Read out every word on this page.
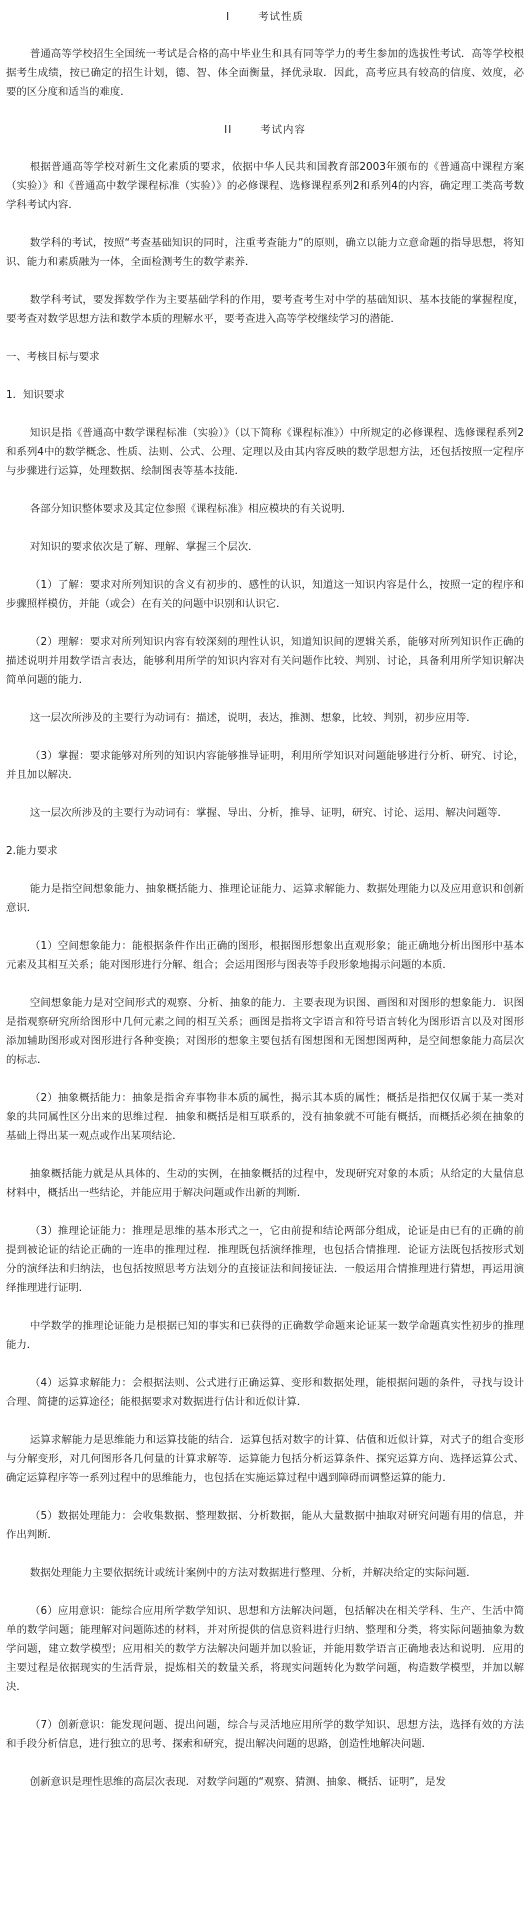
I	考试性质
普通高等学校招生全国统一考试是合格的高中毕业生和具有同等学力的考生参加的选拔性考试．高等学校根据考生成绩，按已确定的招生计划，德、智、体全面衡量，择优录取．因此，高考应具有较高的信度、效度，必要的区分度和适当的难度．
II	考试内容
根据普通高等学校对新生文化素质的要求，依据中华人民共和国教育部2003年颁布的《普通高中课程方案（实验）》和《普通高中数学课程标准（实验）》的必修课程、选修课程系列2和系列4的内容，确定理工类高考数学科考试内容．
数学科的考试，按照“考查基础知识的同时，注重考查能力”的原则，确立以能力立意命题的指导思想，将知识、能力和素质融为一体，全面检测考生的数学素养．
数学科考试，要发挥数学作为主要基础学科的作用，要考查考生对中学的基础知识、基本技能的掌握程度，要考查对数学思想方法和数学本质的理解水平，要考查进入高等学校继续学习的潜能．
一、考核目标与要求
1．知识要求
知识是指《普通高中数学课程标准（实验）》（以下简称《课程标准》）中所规定的必修课程、选修课程系列2和系列4中的数学概念、性质、法则、公式、公理、定理以及由其内容反映的数学思想方法，还包括按照一定程序与步骤进行运算，处理数据、绘制图表等基本技能．
各部分知识整体要求及其定位参照《课程标准》相应模块的有关说明．
对知识的要求依次是了解、理解、掌握三个层次．
（1）了解：要求对所列知识的含义有初步的、感性的认识，知道这一知识内容是什么，按照一定的程序和步骤照样模仿，并能（或会）在有关的问题中识别和认识它．
（2）理解：要求对所列知识内容有较深刻的理性认识，知道知识间的逻辑关系，能够对所列知识作正确的描述说明并用数学语言表达，能够利用所学的知识内容对有关问题作比较、判别、讨论，具备利用所学知识解决简单问题的能力．
这一层次所涉及的主要行为动词有：描述，说明，表达，推测、想象，比较、判别，初步应用等．
（3）掌握：要求能够对所列的知识内容能够推导证明，利用所学知识对问题能够进行分析、研究、讨论，并且加以解决．
这一层次所涉及的主要行为动词有：掌握、导出、分析，推导、证明，研究、讨论、运用、解决问题等．
2.能力要求
能力是指空间想象能力、抽象概括能力、推理论证能力、运算求解能力、数据处理能力以及应用意识和创新意识．
（1）空间想象能力：能根据条件作出正确的图形，根据图形想象出直观形象；能正确地分析出图形中基本元素及其相互关系；能对图形进行分解、组合；会运用图形与图表等手段形象地揭示问题的本质．
空间想象能力是对空间形式的观察、分析、抽象的能力．主要表现为识图、画图和对图形的想象能力．识图是指观察研究所给图形中几何元素之间的相互关系；画图是指将文字语言和符号语言转化为图形语言以及对图形添加辅助图形或对图形进行各种变换；对图形的想象主要包括有图想图和无图想图两种，是空间想象能力高层次的标志．
（2）抽象概括能力：抽象是指舍弃事物非本质的属性，揭示其本质的属性；概括是指把仅仅属于某一类对象的共同属性区分出来的思维过程．抽象和概括是相互联系的，没有抽象就不可能有概括，而概括必须在抽象的基础上得出某一观点或作出某项结论．
抽象概括能力就是从具体的、生动的实例，在抽象概括的过程中，发现研究对象的本质；从给定的大量信息材料中，概括出一些结论，并能应用于解决问题或作出新的判断．
（3）推理论证能力：推理是思维的基本形式之一，它由前提和结论两部分组成，论证是由已有的正确的前提到被论证的结论正确的一连串的推理过程．推理既包括演绎推理，也包括合情推理．论证方法既包括按形式划分的演绎法和归纳法，也包括按照思考方法划分的直接证法和间接证法．一般运用合情推理进行猜想，再运用演绎推理进行证明．
中学数学的推理论证能力是根据已知的事实和已获得的正确数学命题来论证某一数学命题真实性初步的推理能力．
（4）运算求解能力：会根据法则、公式进行正确运算、变形和数据处理，能根据问题的条件，寻找与设计合理、简捷的运算途径；能根据要求对数据进行估计和近似计算．
运算求解能力是思维能力和运算技能的结合．运算包括对数字的计算、估值和近似计算，对式子的组合变形与分解变形，对几何图形各几何量的计算求解等．运算能力包括分析运算条件、探究运算方向、选择运算公式、确定运算程序等一系列过程中的思维能力，也包括在实施运算过程中遇到障碍而调整运算的能力．
（5）数据处理能力：会收集数据、整理数据、分析数据，能从大量数据中抽取对研究问题有用的信息，并作出判断．
数据处理能力主要依据统计或统计案例中的方法对数据进行整理、分析，并解决给定的实际问题．
（6）应用意识：能综合应用所学数学知识、思想和方法解决问题，包括解决在相关学科、生产、生活中简单的数学问题；能理解对问题陈述的材料，并对所提供的信息资料进行归纳、整理和分类，将实际问题抽象为数学问题，建立数学模型；应用相关的数学方法解决问题并加以验证，并能用数学语言正确地表达和说明．应用的主要过程是依据现实的生活背景，提炼相关的数量关系，将现实问题转化为数学问题，构造数学模型，并加以解决．
（7）创新意识：能发现问题、提出问题，综合与灵活地应用所学的数学知识、思想方法，选择有效的方法和手段分析信息，进行独立的思考、探索和研究，提出解决问题的思路，创造性地解决问题．
创新意识是理性思维的高层次表现．对数学问题的“观察、猜测、抽象、概括、证明”，是发
